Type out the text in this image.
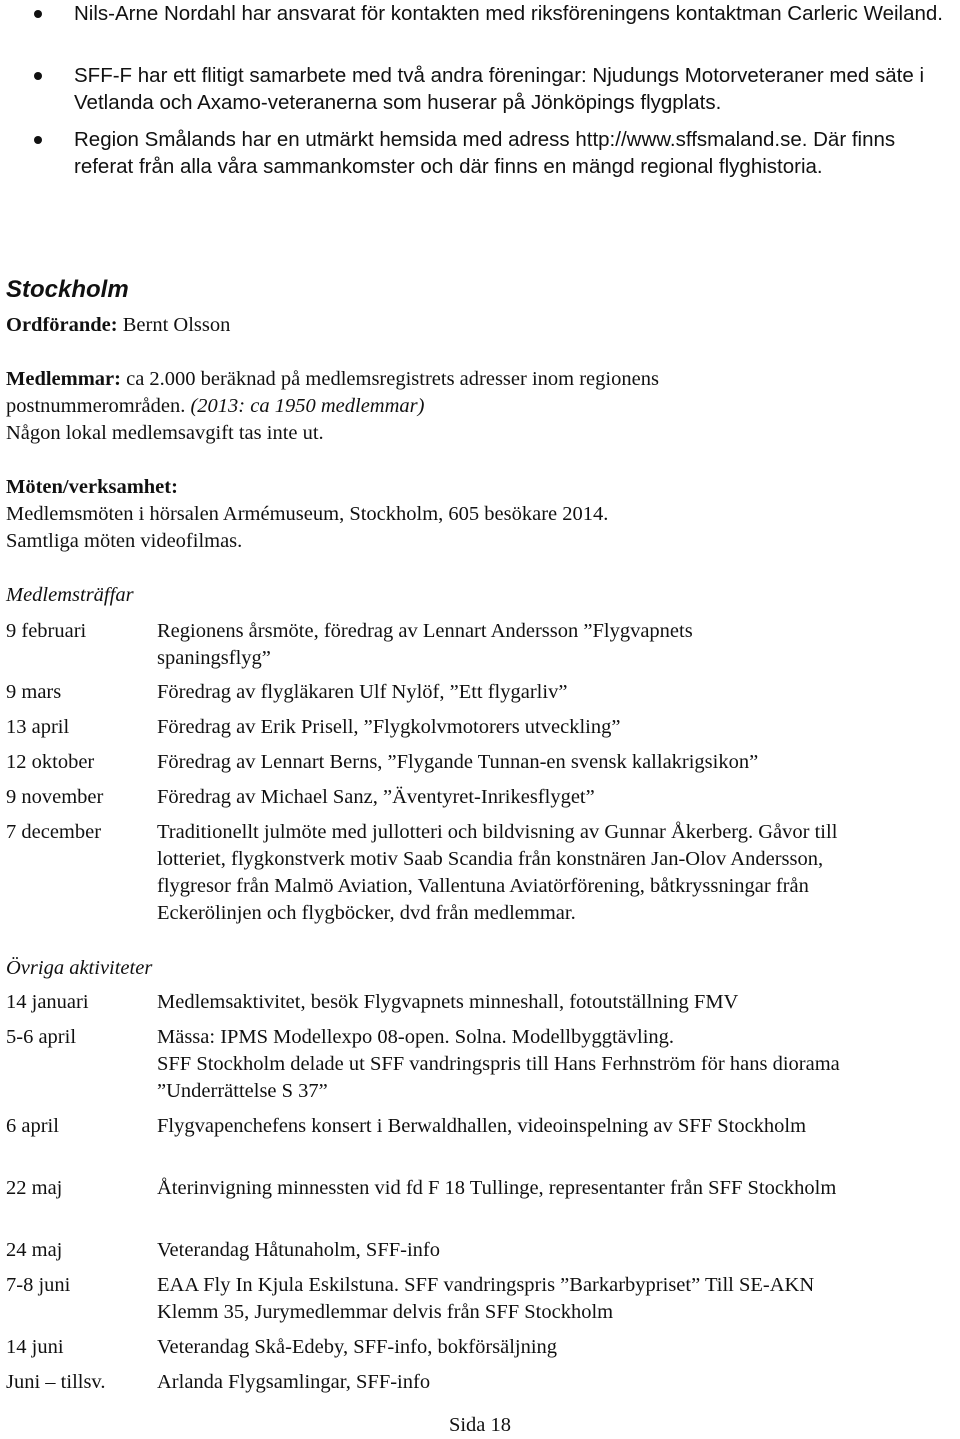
Nils-Arne Nordahl har ansvarat för kontakten med riksföreningens kontaktman Carleric Weiland.
SFF-F har ett flitigt samarbete med två andra föreningar: Njudungs Motorveteraner med säte i Vetlanda och Axamo-veteranerna som huserar på Jönköpings flygplats.
Region Smålands har en utmärkt hemsida med adress http://www.sffsmaland.se. Där finns referat från alla våra sammankomster och där finns en mängd regional flyghistoria.
Stockholm
Ordförande: Bernt Olsson
Medlemmar: ca 2.000 beräknad på medlemsregistrets adresser inom regionens postnummerområden. (2013: ca 1950 medlemmar)
Någon lokal medlemsavgift tas inte ut.
Möten/verksamhet:
Medlemsmöten i hörsalen Armémuseum, Stockholm, 605 besökare 2014.
Samtliga möten videofilmas.
Medlemsträffar
9 februari	Regionens årsmöte, föredrag av Lennart Andersson ”Flygvapnets spaningsflyg”
9 mars	Föredrag av flygläkaren Ulf Nylöf, ”Ett flygarliv”
13 april	Föredrag av Erik Prisell, ”Flygkolvmotorers utveckling”
12 oktober	Föredrag av Lennart Berns, ”Flygande Tunnan-en svensk kallakrigsikon”
9 november	Föredrag av Michael Sanz, ”Äventyret-Inrikesflyget”
7 december	Traditionellt julmöte med jullotteri och bildvisning av Gunnar Åkerberg. Gåvor till lotteriet, flygkonstverk motiv Saab Scandia från konstnären Jan-Olov Andersson, flygresor från Malmö Aviation, Vallentuna Aviatörförening, båtkryssningar från Eckerölinjen och flygböcker, dvd från medlemmar.
Övriga aktiviteter
14 januari	Medlemsaktivitet, besök Flygvapnets minneshall, fotoutställning FMV
5-6 april	Mässa: IPMS Modellexpo 08-open. Solna. Modellbyggtävling.
SFF Stockholm delade ut SFF vandringspris till Hans Ferhnström för hans diorama ”Underrättelse S 37”
6 april	Flygvapenchefens konsert i Berwaldhallen, videoinspelning av SFF Stockholm
22 maj	Återinvigning minnessten vid fd F 18 Tullinge, representanter från SFF Stockholm
24 maj	Veterandag Håtunaholm, SFF-info
7-8 juni	EAA Fly In Kjula Eskilstuna. SFF vandringspris ”Barkarbypriset” Till SE-AKN Klemm 35, Jurymedlemmar delvis från SFF Stockholm
14 juni	Veterandag Skå-Edeby, SFF-info, bokförsäljning
Juni – tillsv.	Arlanda Flygsamlingar, SFF-info
Sida 18
